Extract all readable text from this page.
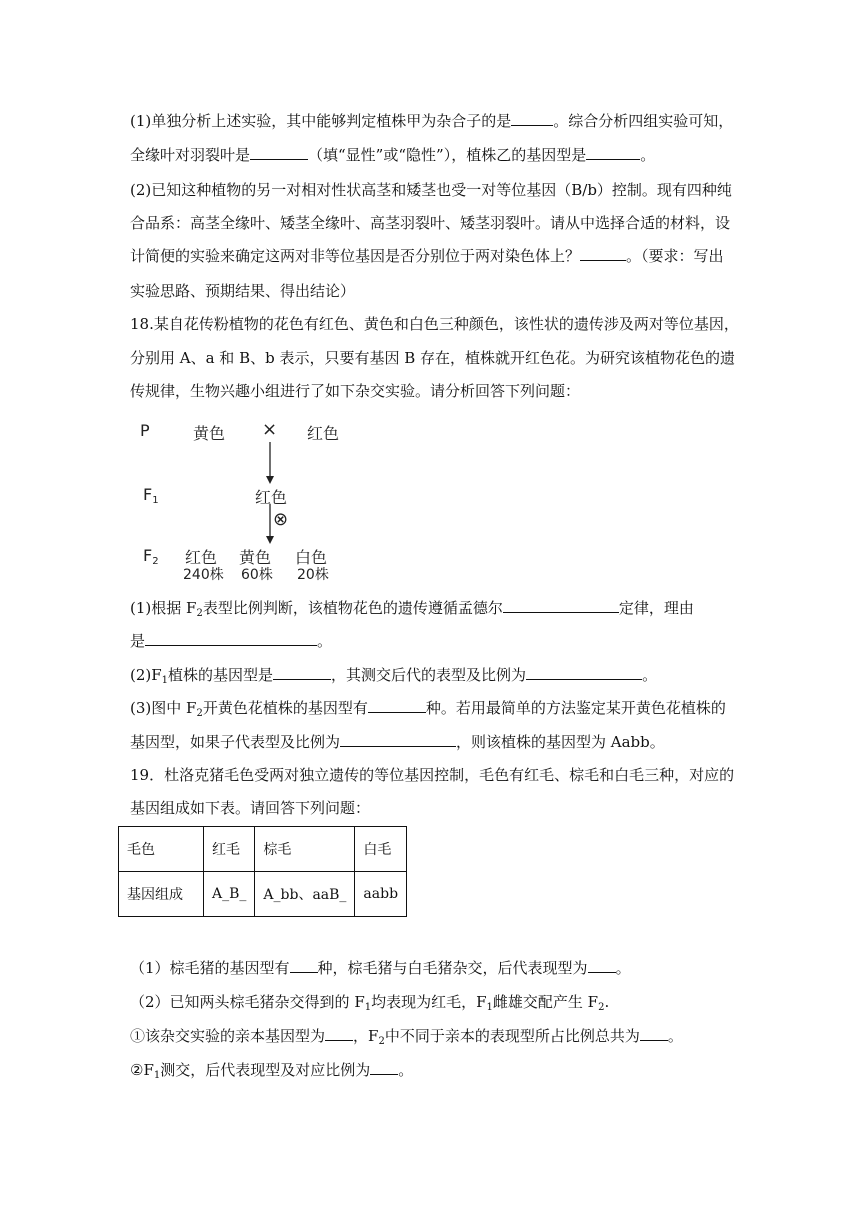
(1)单独分析上述实验，其中能够判定植株甲为杂合子的是	。综合分析四组实验可知，
全缘叶对羽裂叶是	（填“显性”或“隐性”），植株乙的基因型是	。
(2)已知这种植物的另一对相对性状高茎和矮茎也受一对等位基因（B/b）控制。现有四种纯
合品系：高茎全缘叶、矮茎全缘叶、高茎羽裂叶、矮茎羽裂叶。请从中选择合适的材料，设
计简便的实验来确定这两对非等位基因是否分别位于两对染色体上？	。（要求：写出
实验思路、预期结果、得出结论）
18.某自花传粉植物的花色有红色、黄色和白色三种颜色，该性状的遗传涉及两对等位基因，
分别用 A、a 和 B、b 表示，只要有基因 B 存在，植株就开红色花。为研究该植物花色的遗
传规律，生物兴趣小组进行了如下杂交实验。请分析回答下列问题：
P	黄色 × 红色
$F_1$	红色
⊗
$F_2$ 红色
240株
黄色
60株
白色
20株
(1)根据 $F_2$表型比例判断，该植物花色的遗传遵循孟德尔	定律，理由
是	。
$(2)F_1$植株的基因型是	，其测交后代的表型及比例为	。
(3)图中 $F_2$开黄色花植株的基因型有	种。若用最简单的方法鉴定某开黄色花植株的
基因型，如果子代表型及比例为	，则该植株的基因型为 Aabb。
19．杜洛克猪毛色受两对独立遗传的等位基因控制，毛色有红毛、棕毛和白毛三种，对应的
基因组成如下表。请回答下列问题：
毛色	红毛	棕毛	白毛
基因组成	A_B_	A_bb、aaB_	aabb
（1）棕毛猪的基因型有 种，棕毛猪与白毛猪杂交，后代表现型为 。
（2）已知两头棕毛猪杂交得到的 $F_1$均表现为红毛，$F_1$雌雄交配产生 $F_2$.
①该杂交实验的亲本基因型为 ，$F_2$中不同于亲本的表现型所占比例总共为 。
$②F_1$测交，后代表现型及对应比例为 。
